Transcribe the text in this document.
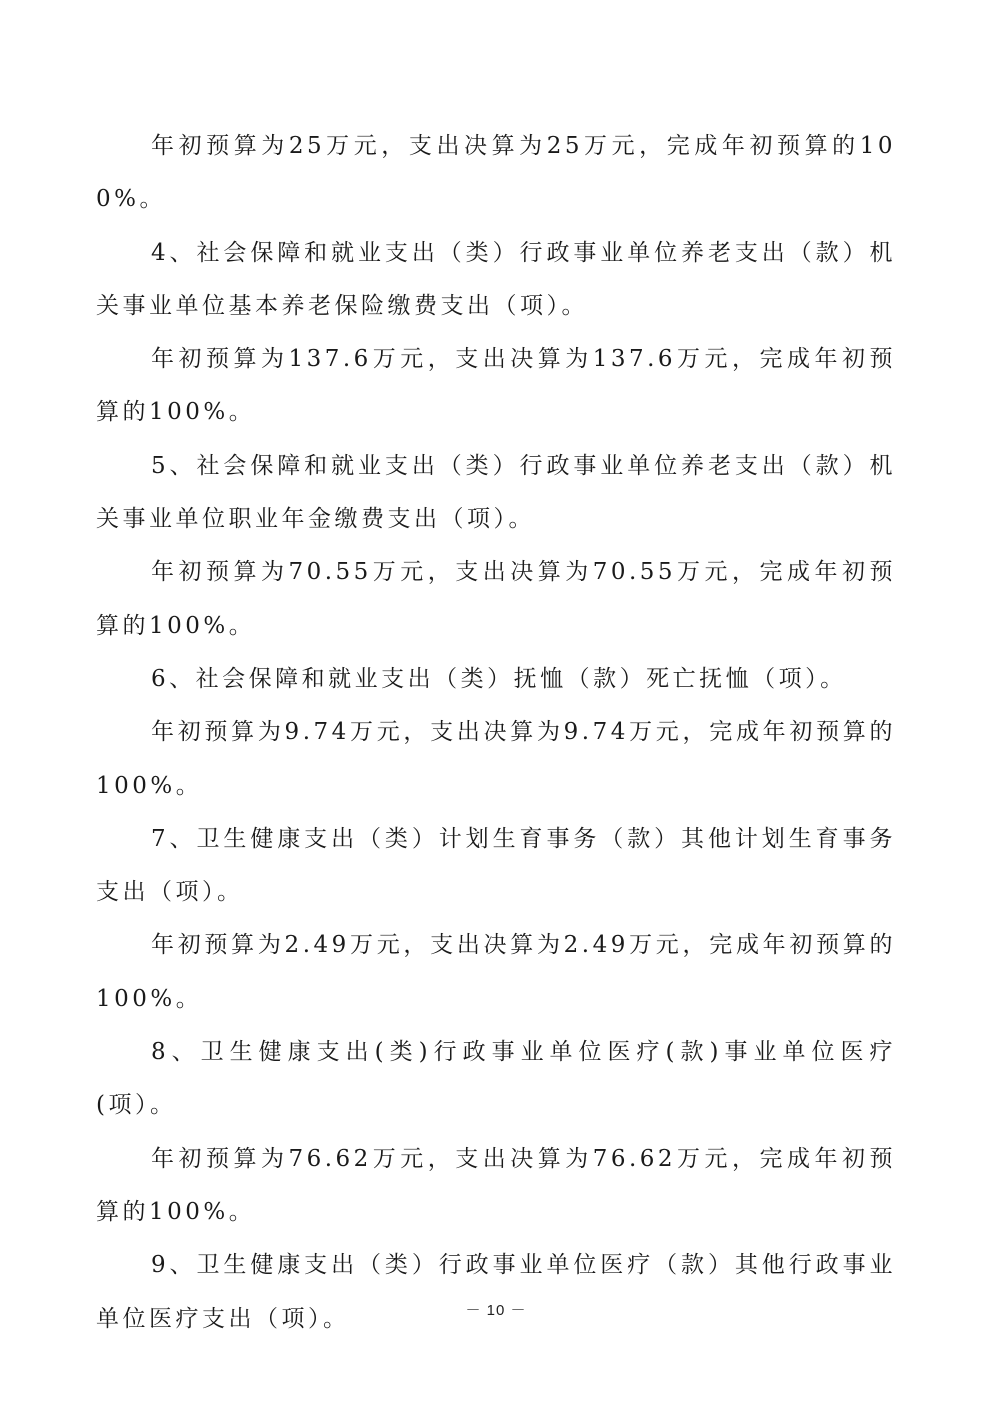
年初预算为25万元，支出决算为25万元，完成年初预算的100%。

4、社会保障和就业支出（类）行政事业单位养老支出（款）机关事业单位基本养老保险缴费支出（项）。

年初预算为137.6万元，支出决算为137.6万元，完成年初预算的100%。

5、社会保障和就业支出（类）行政事业单位养老支出（款）机关事业单位职业年金缴费支出（项）。

年初预算为70.55万元，支出决算为70.55万元，完成年初预算的100%。

6、社会保障和就业支出（类）抚恤（款）死亡抚恤（项）。

年初预算为9.74万元，支出决算为9.74万元，完成年初预算的100%。

7、卫生健康支出（类）计划生育事务（款）其他计划生育事务支出（项）。

年初预算为2.49万元，支出决算为2.49万元，完成年初预算的100%。

8、卫生健康支出(类)行政事业单位医疗(款)事业单位医疗(项）。

年初预算为76.62万元，支出决算为76.62万元，完成年初预算的100%。

9、卫生健康支出（类）行政事业单位医疗（款）其他行政事业单位医疗支出（项）。	－ 10 －
